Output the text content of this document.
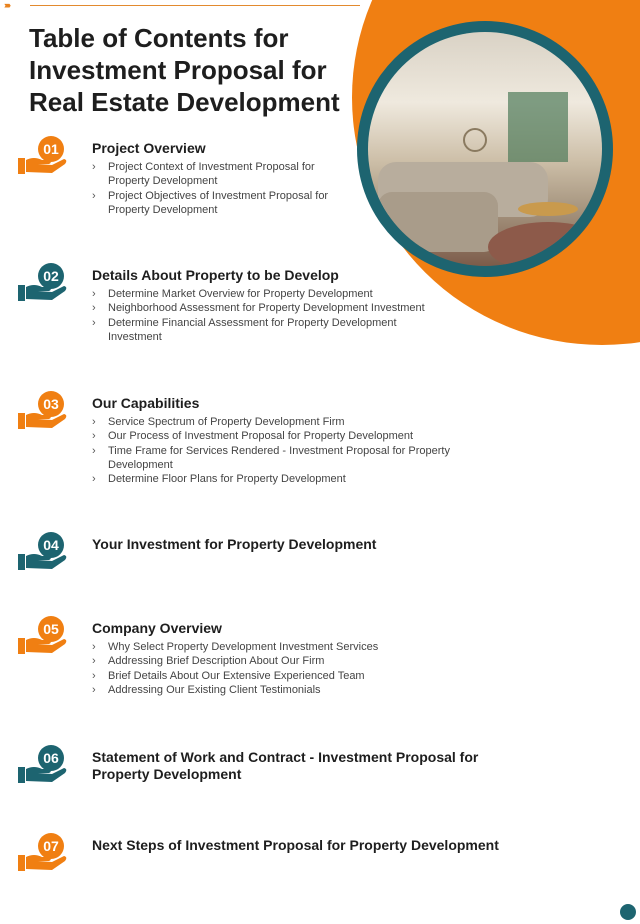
›››››
Table of Contents for Investment Proposal for Real Estate Development
01	Project Overview
› Project Context of Investment Proposal for Property Development
› Project Objectives of Investment Proposal for Property Development
02	Details About Property to be Develop
› Determine Market Overview for Property Development
› Neighborhood Assessment for Property Development Investment
› Determine Financial Assessment for Property Development Investment
03	Our Capabilities
› Service Spectrum of Property Development Firm
› Our Process of Investment Proposal for Property Development
› Time Frame for Services Rendered - Investment Proposal for Property Development
› Determine Floor Plans for Property Development
04	Your Investment for Property Development
05	Company Overview
› Why Select Property Development Investment Services
› Addressing Brief Description About Our Firm
› Brief Details About Our Extensive Experienced Team
› Addressing Our Existing Client Testimonials
06	Statement of Work and Contract - Investment Proposal for Property Development
07	Next Steps of Investment Proposal for Property Development
